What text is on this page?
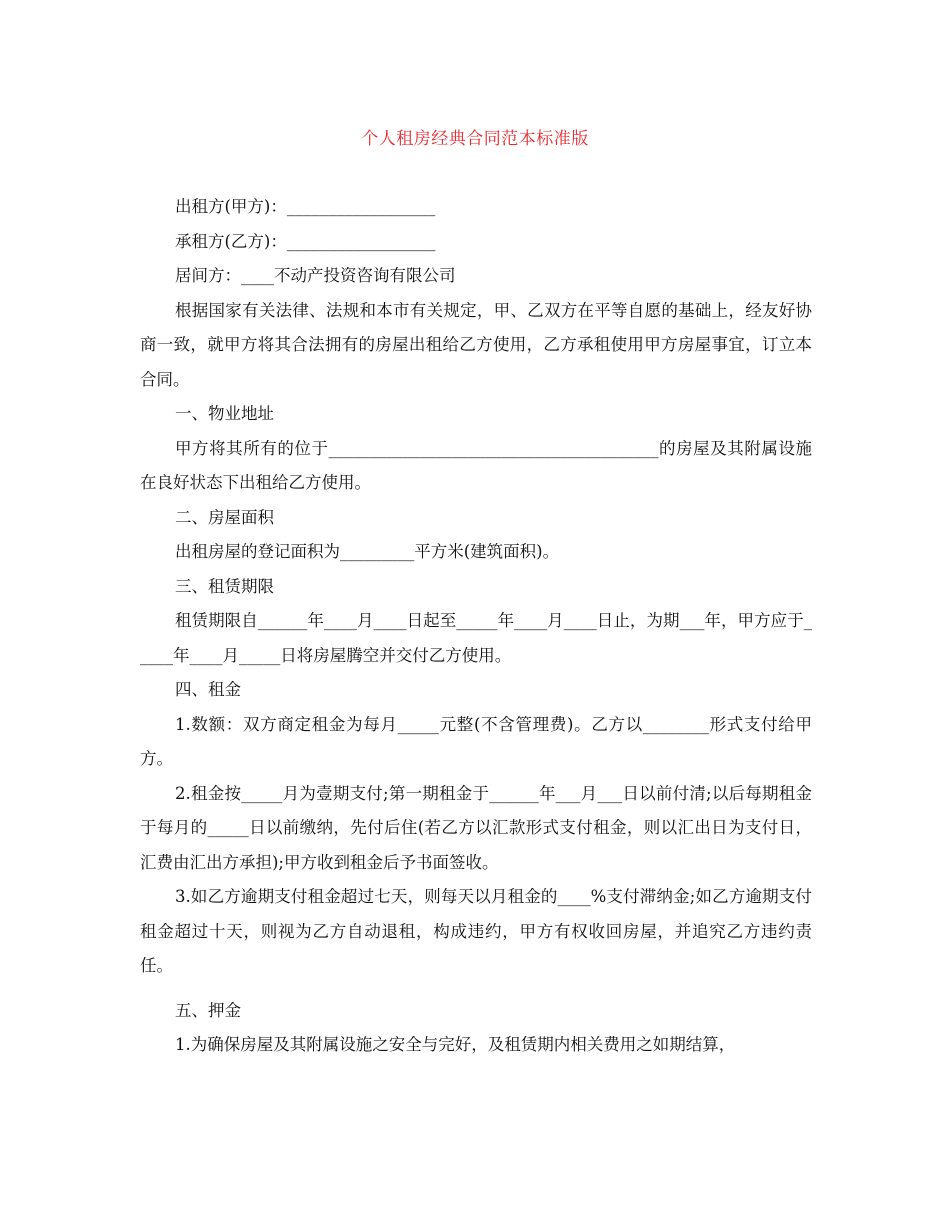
个人租房经典合同范本标准版

出租方(甲方)：__________________

承租方(乙方)：__________________

居间方：____不动产投资咨询有限公司

根据国家有关法律、法规和本市有关规定，甲、乙双方在平等自愿的基础上，经友好协商一致，就甲方将其合法拥有的房屋出租给乙方使用，乙方承租使用甲方房屋事宜，订立本合同。

一、物业地址

甲方将其所有的位于________________________________________的房屋及其附属设施在良好状态下出租给乙方使用。

二、房屋面积

出租房屋的登记面积为_________平方米(建筑面积)。

三、租赁期限

租赁期限自______年____月____日起至_____年____月____日止，为期___年，甲方应于_____年____月_____日将房屋腾空并交付乙方使用。

四、租金

1.数额：双方商定租金为每月_____元整(不含管理费)。乙方以________形式支付给甲方。

2.租金按_____月为壹期支付;第一期租金于______年___月___日以前付清;以后每期租金于每月的_____日以前缴纳，先付后住(若乙方以汇款形式支付租金，则以汇出日为支付日，汇费由汇出方承担);甲方收到租金后予书面签收。

3.如乙方逾期支付租金超过七天，则每天以月租金的____%支付滞纳金;如乙方逾期支付租金超过十天，则视为乙方自动退租，构成违约，甲方有权收回房屋，并追究乙方违约责任。

五、押金

1.为确保房屋及其附属设施之安全与完好，及租赁期内相关费用之如期结算，
